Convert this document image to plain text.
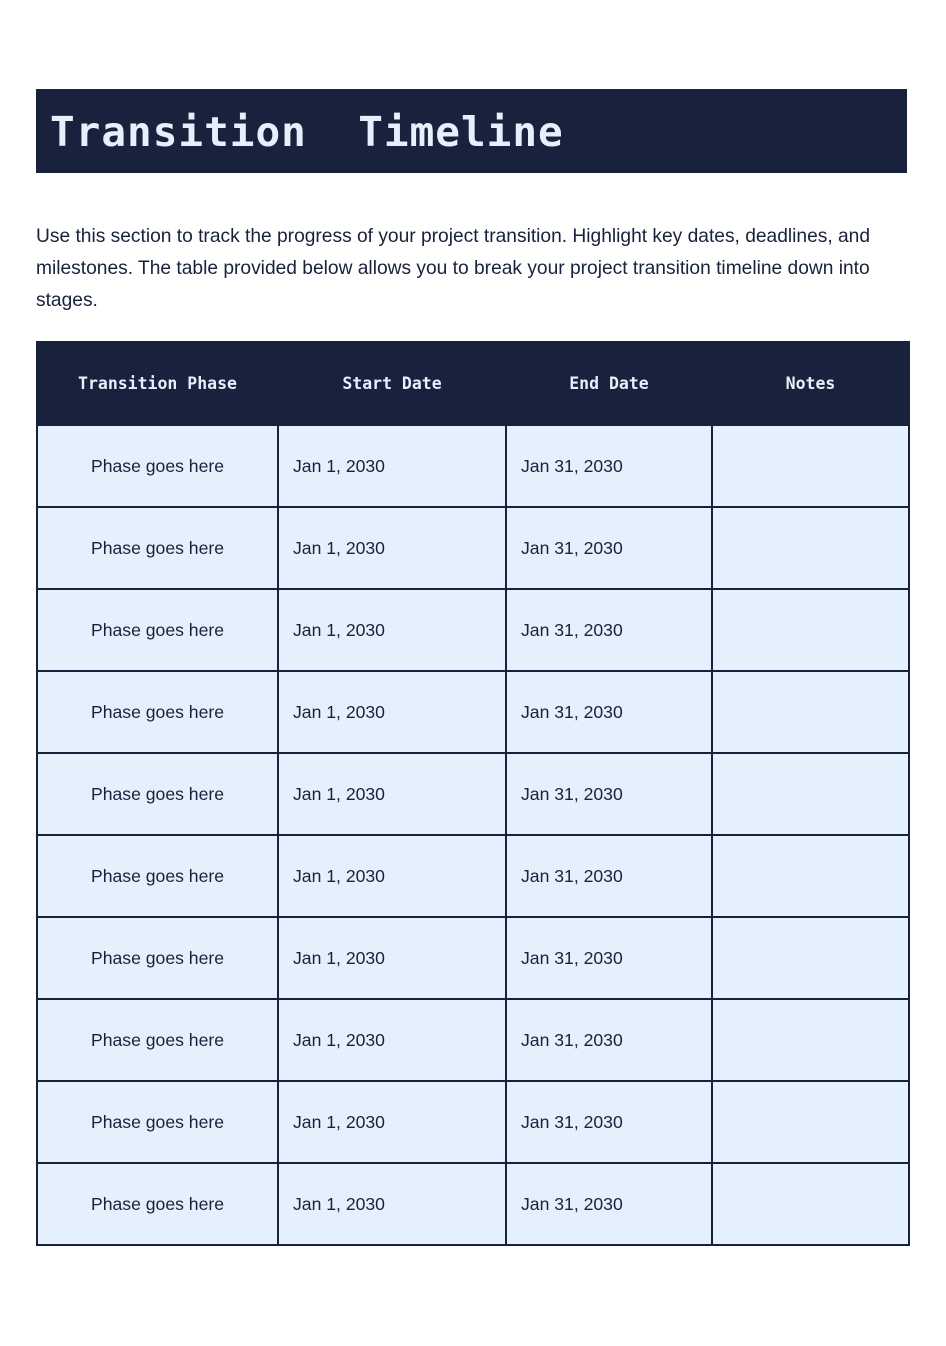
Transition  Timeline

Use this section to track the progress of your project transition. Highlight key dates, deadlines, and milestones. The table provided below allows you to break your project transition timeline down into stages.

Transition Phase	Start Date	End Date	Notes
Phase goes here	Jan 1, 2030	Jan 31, 2030	
Phase goes here	Jan 1, 2030	Jan 31, 2030	
Phase goes here	Jan 1, 2030	Jan 31, 2030	
Phase goes here	Jan 1, 2030	Jan 31, 2030	
Phase goes here	Jan 1, 2030	Jan 31, 2030	
Phase goes here	Jan 1, 2030	Jan 31, 2030	
Phase goes here	Jan 1, 2030	Jan 31, 2030	
Phase goes here	Jan 1, 2030	Jan 31, 2030	
Phase goes here	Jan 1, 2030	Jan 31, 2030	
Phase goes here	Jan 1, 2030	Jan 31, 2030	
